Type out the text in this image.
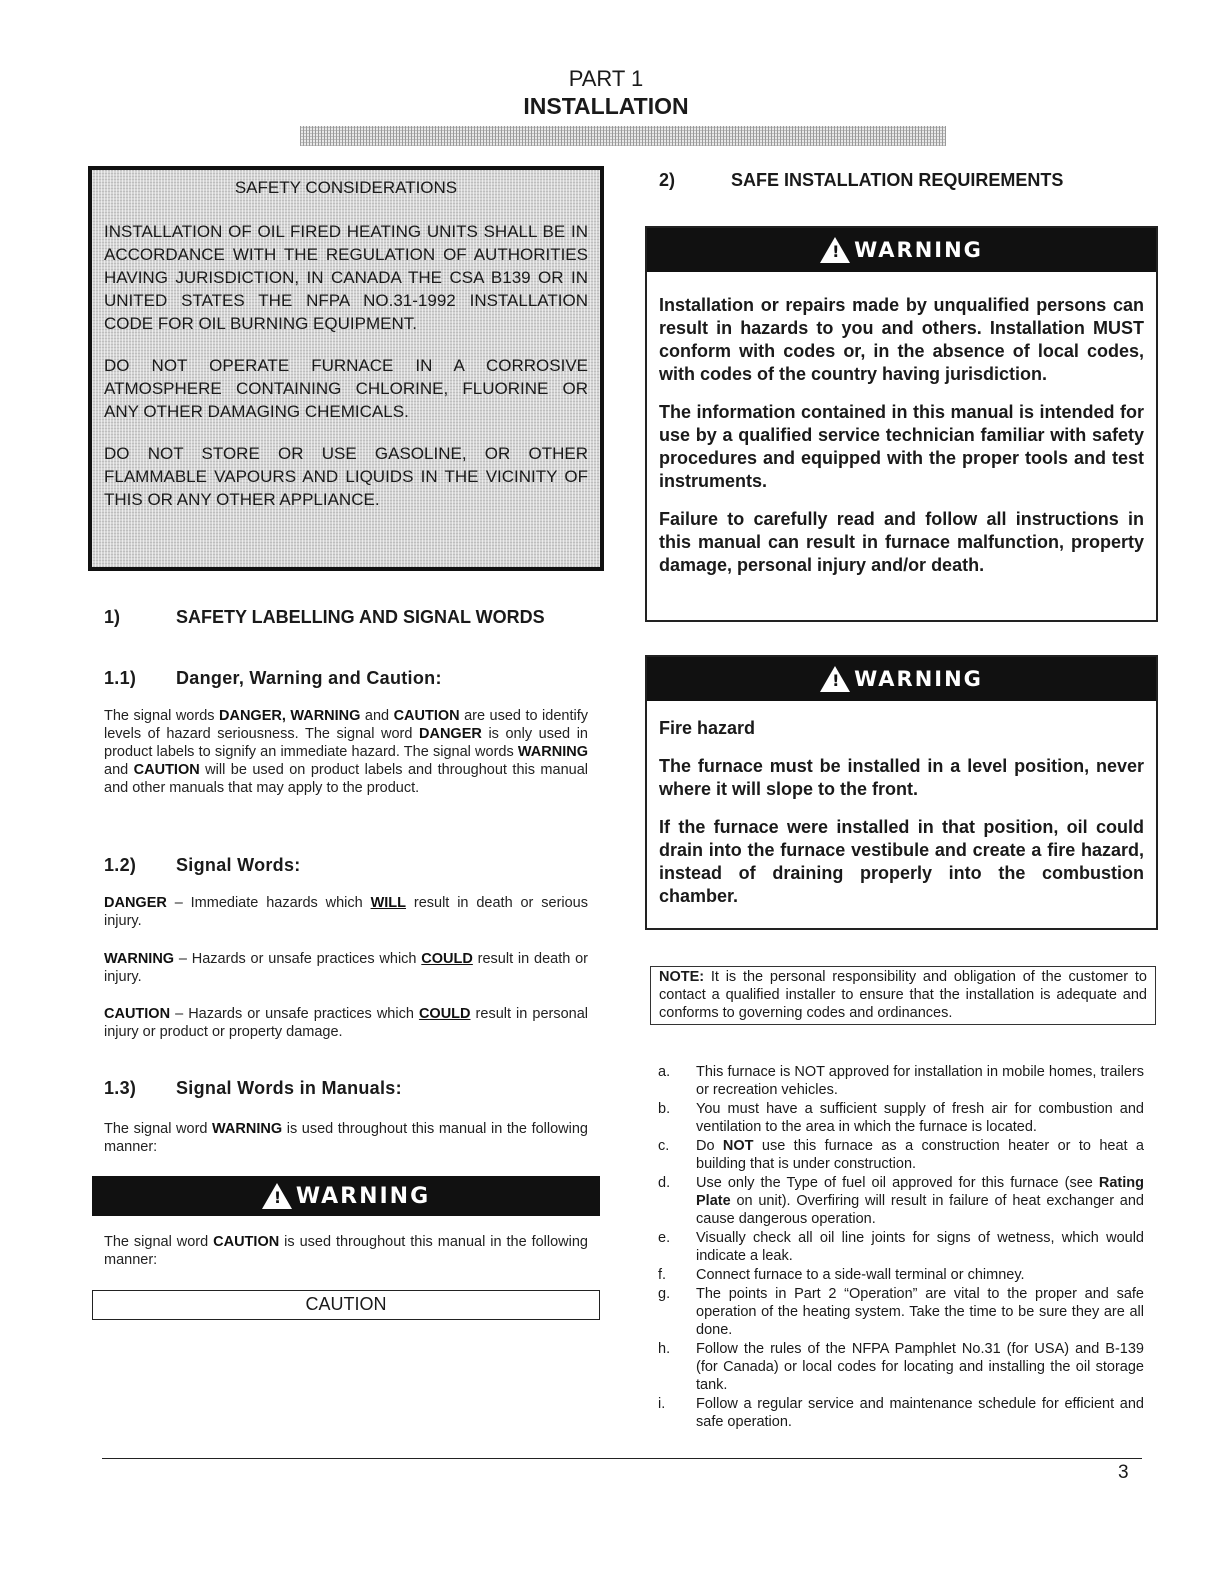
PART 1
INSTALLATION
SAFETY CONSIDERATIONS

INSTALLATION OF OIL FIRED HEATING UNITS SHALL BE IN ACCORDANCE WITH THE REGULATION OF AUTHORITIES HAVING JURISDICTION, IN CANADA THE CSA B139 OR IN UNITED STATES THE NFPA NO.31-1992 INSTALLATION CODE FOR OIL BURNING EQUIPMENT.

DO NOT OPERATE FURNACE IN A CORROSIVE ATMOSPHERE CONTAINING CHLORINE, FLUORINE OR ANY OTHER DAMAGING CHEMICALS.

DO NOT STORE OR USE GASOLINE, OR OTHER FLAMMABLE VAPOURS AND LIQUIDS IN THE VICINITY OF THIS OR ANY OTHER APPLIANCE.

1)	SAFETY LABELLING AND SIGNAL WORDS
1.1) Danger, Warning and Caution:
The signal words DANGER, WARNING and CAUTION are used to identify levels of hazard seriousness. The signal word DANGER is only used in product labels to signify an immediate hazard. The signal words WARNING and CAUTION will be used on product labels and throughout this manual and other manuals that may apply to the product.
1.2) Signal Words:
DANGER – Immediate hazards which WILL result in death or serious injury.
WARNING – Hazards or unsafe practices which COULD result in death or injury.
CAUTION – Hazards or unsafe practices which COULD result in personal injury or product or property damage.
1.3) Signal Words in Manuals:
The signal word WARNING is used throughout this manual in the following manner:
! WARNING
The signal word CAUTION is used throughout this manual in the following manner:
CAUTION
2)	SAFE INSTALLATION REQUIREMENTS
! WARNING

Installation or repairs made by unqualified persons can result in hazards to you and others. Installation MUST conform with codes or, in the absence of local codes, with codes of the country having jurisdiction.

The information contained in this manual is intended for use by a qualified service technician familiar with safety procedures and equipped with the proper tools and test instruments.

Failure to carefully read and follow all instructions in this manual can result in furnace malfunction, property damage, personal injury and/or death.

! WARNING

Fire hazard

The furnace must be installed in a level position, never where it will slope to the front.

If the furnace were installed in that position, oil could drain into the furnace vestibule and create a fire hazard, instead of draining properly into the combustion chamber.

NOTE: It is the personal responsibility and obligation of the customer to contact a qualified installer to ensure that the installation is adequate and conforms to governing codes and ordinances.
a.	This furnace is NOT approved for installation in mobile homes, trailers or recreation vehicles.
b.	You must have a sufficient supply of fresh air for combustion and ventilation to the area in which the furnace is located.
c.	Do NOT use this furnace as a construction heater or to heat a building that is under construction.
d.	Use only the Type of fuel oil approved for this furnace (see Rating Plate on unit). Overfiring will result in failure of heat exchanger and cause dangerous operation.
e.	Visually check all oil line joints for signs of wetness, which would indicate a leak.
f.	Connect furnace to a side-wall terminal or chimney.
g.	The points in Part 2 “Operation” are vital to the proper and safe operation of the heating system. Take the time to be sure they are all done.
h.	Follow the rules of the NFPA Pamphlet No.31 (for USA) and B-139 (for Canada) or local codes for locating and installing the oil storage tank.
i.	Follow a regular service and maintenance schedule for efficient and safe operation.
3
